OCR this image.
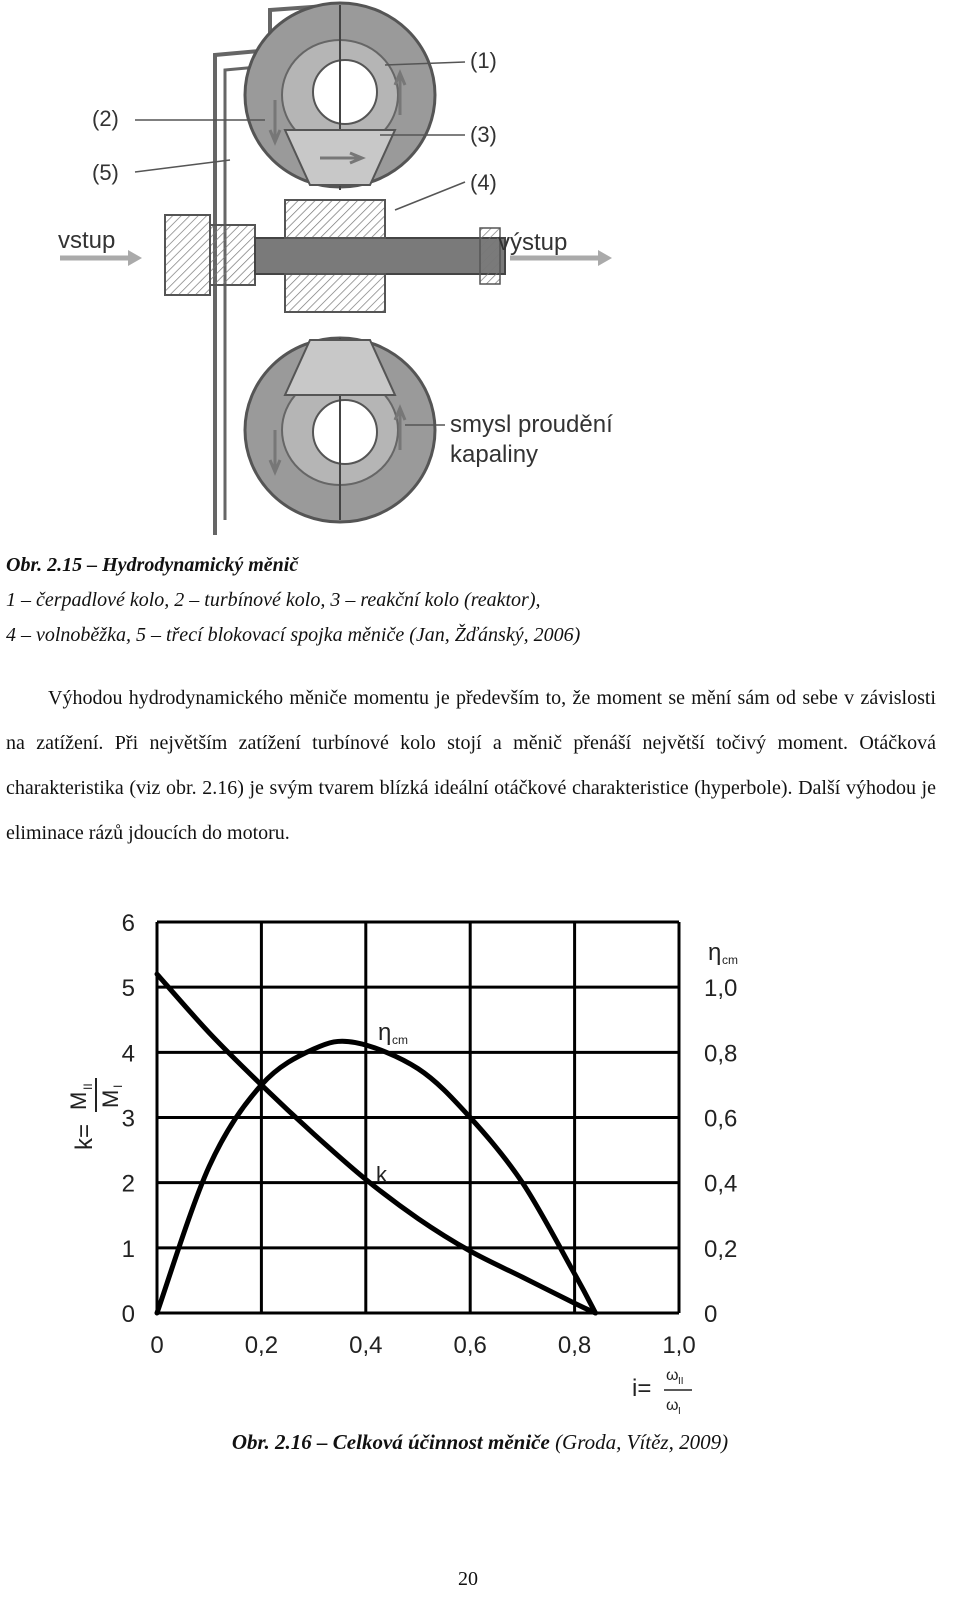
(1)
(3)
(4)
(2)
(5)
vstup	výstup
smysl proudění
kapaliny
Obr. 2.15 – Hydrodynamický měnič
1 – čerpadlové kolo, 2 – turbínové kolo, 3 – reakční kolo (reaktor),
4 – volnoběžka, 5 – třecí blokovací spojka měniče (Jan, Žďánský, 2006)

Výhodou hydrodynamického měniče momentu je především to, že moment se mění sám od sebe v závislosti na zatížení. Při největším zatížení turbínové kolo stojí a měnič přenáší největší točivý moment. Otáčková charakteristika (viz obr. 2.16) je svým tvarem blízká ideální otáčkové charakteristice (hyperbole). Další výhodou je eliminace rázů jdoucích do motoru.

0
1
2
3
4
5
6
0
0,2
0,4
0,6
0,8
1,0
0	0,2	0,4	0,6	0,8	1,0
k=
M
II
M
I
η cm
i= ω II
ω I
η cm
k
Obr. 2.16 – Celková účinnost měniče (Groda, Vítěz, 2009)
20
